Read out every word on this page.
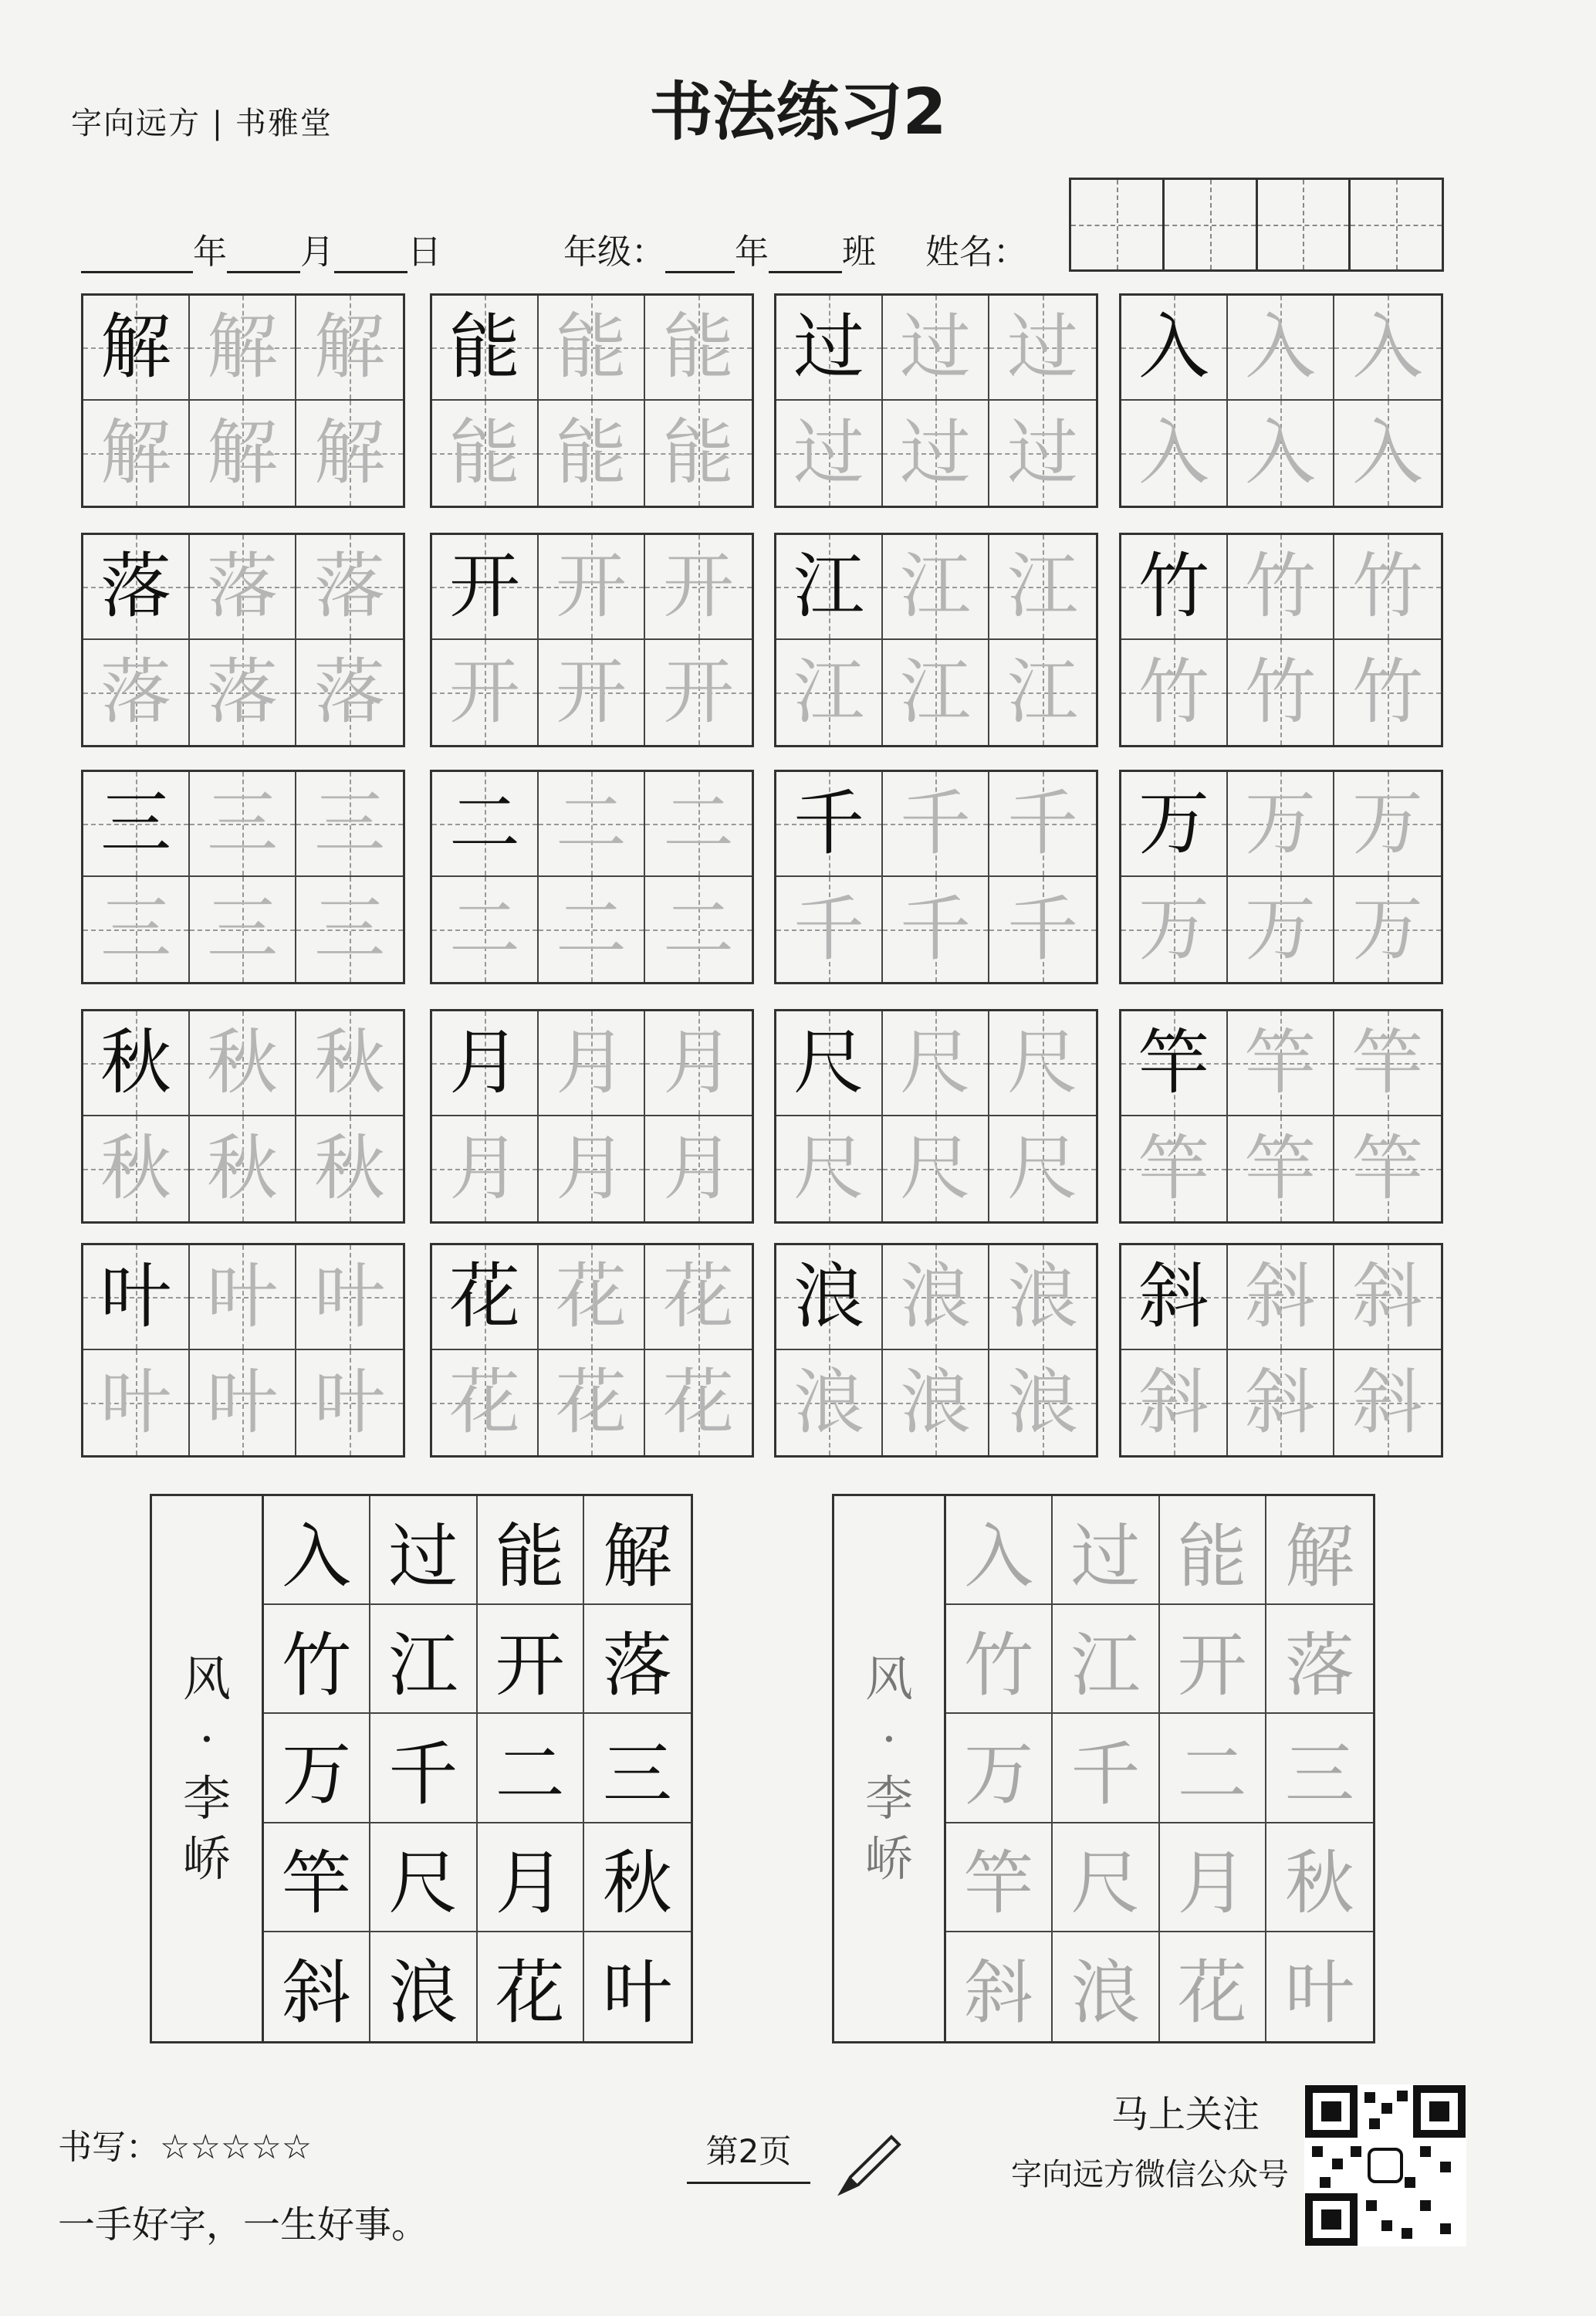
字向远方 | 书雅堂	书法练习2
年 月 日	年级： 年 班 姓名：
解 解 解
解 解 解
能 能 能
能 能 能
过 过 过
过 过 过
入 入 入
入 入 入
落 落 落
落 落 落
开 开 开
开 开 开
江 江 江
江 江 江
竹 竹 竹
竹 竹 竹
三 三 三
三 三 三
二 二 二
二 二 二
千 千 千
千 千 千
万 万 万
万 万 万
秋 秋 秋
秋 秋 秋
月 月 月
月 月 月
尺 尺 尺
尺 尺 尺
竿 竿 竿
竿 竿 竿
叶 叶 叶
叶 叶 叶
花 花 花
花 花 花
浪 浪 浪
浪 浪 浪
斜 斜 斜
斜 斜 斜
风
·
李
峤
入 过 能 解
竹 江 开 落
万 千 二 三
竿 尺 月 秋
斜 浪 花 叶
风
·
李
峤
入 过 能 解
竹 江 开 落
万 千 二 三
竿 尺 月 秋
斜 浪 花 叶
书写：☆☆☆☆☆
一手好字，一生好事。
第2页
马上关注
字向远方微信公众号
